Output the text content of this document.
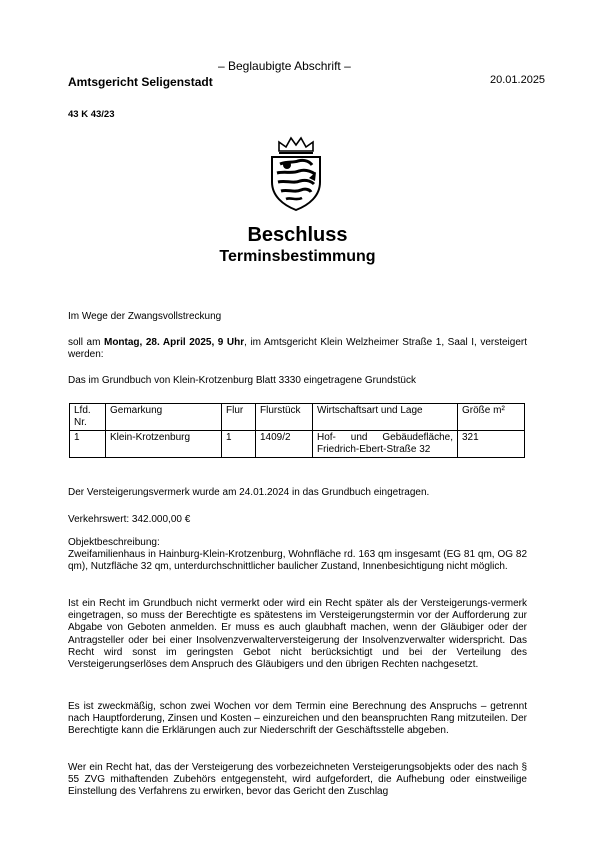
– Beglaubigte Abschrift –
Amtsgericht Seligenstadt	20.01.2025
43 K 43/23
Beschluss
Terminsbestimmung
Im Wege der Zwangsvollstreckung
soll am Montag, 28. April 2025, 9 Uhr, im Amtsgericht Klein Welzheimer Straße 1, Saal I, versteigert werden:
Das im Grundbuch von Klein-Krotzenburg Blatt 3330 eingetragene Grundstück
Lfd. Nr.	Gemarkung	Flur	Flurstück	Wirtschaftsart und Lage	Größe m²
1	Klein-Krotzenburg	1	1409/2	Hof- und Gebäudefläche, Friedrich-Ebert-Straße 32	321
Der Versteigerungsvermerk wurde am 24.01.2024 in das Grundbuch eingetragen.
Verkehrswert: 342.000,00 €
Objektbeschreibung:
Zweifamilienhaus in Hainburg-Klein-Krotzenburg, Wohnfläche rd. 163 qm insgesamt (EG 81 qm, OG 82 qm), Nutzfläche 32 qm, unterdurchschnittlicher baulicher Zustand, Innenbesichtigung nicht möglich.
Ist ein Recht im Grundbuch nicht vermerkt oder wird ein Recht später als der Versteigerungs-vermerk eingetragen, so muss der Berechtigte es spätestens im Versteigerungstermin vor der Aufforderung zur Abgabe von Geboten anmelden. Er muss es auch glaubhaft machen, wenn der Gläubiger oder der Antragsteller oder bei einer Insolvenzverwalterversteigerung der Insolvenzverwalter widerspricht. Das Recht wird sonst im geringsten Gebot nicht berücksichtigt und bei der Verteilung des Versteigerungserlöses dem Anspruch des Gläubigers und den übrigen Rechten nachgesetzt.
Es ist zweckmäßig, schon zwei Wochen vor dem Termin eine Berechnung des Anspruchs – getrennt nach Hauptforderung, Zinsen und Kosten – einzureichen und den beanspruchten Rang mitzuteilen. Der Berechtigte kann die Erklärungen auch zur Niederschrift der Geschäftsstelle abgeben.
Wer ein Recht hat, das der Versteigerung des vorbezeichneten Versteigerungsobjekts oder des nach § 55 ZVG mithaftenden Zubehörs entgegensteht, wird aufgefordert, die Aufhebung oder einstweilige Einstellung des Verfahrens zu erwirken, bevor das Gericht den Zuschlag
